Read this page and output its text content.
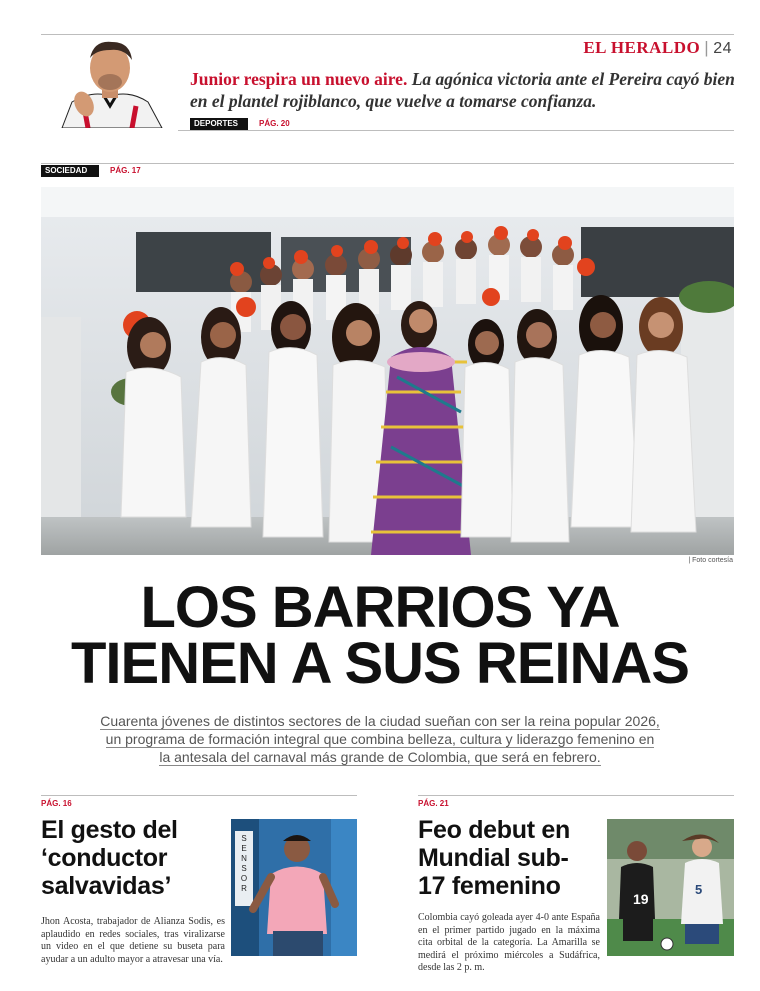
EL HERALDO | 24
Junior respira un nuevo aire. La agónica victoria ante el Pereira cayó bien en el plantel rojiblanco, que vuelve a tomarse confianza.
DEPORTES	PÁG. 20
SOCIEDAD	PÁG. 17
| Foto cortesía
LOS BARRIOS YA
TIENEN A SUS REINAS
Cuarenta jóvenes de distintos sectores de la ciudad sueñan con ser la reina popular 2026, un programa de formación integral que combina belleza, cultura y liderazgo femenino en la antesala del carnaval más grande de Colombia, que será en febrero.
PÁG. 16
El gesto del
‘conductor
salvavidas’
S
E
N
S
O
R
Jhon Acosta, trabajador de Alianza Sodis, es aplaudido en redes sociales, tras viralizarse un video en el que detiene su buseta para ayudar a un adulto mayor a atravesar una vía.
PÁG. 21
Feo debut en
Mundial sub-
17 femenino	19
5
Colombia cayó goleada ayer 4-0 ante España en el primer partido jugado en la máxima cita orbital de la categoría. La Amarilla se medirá el próximo miércoles a Sudáfrica, desde las 2 p. m.
